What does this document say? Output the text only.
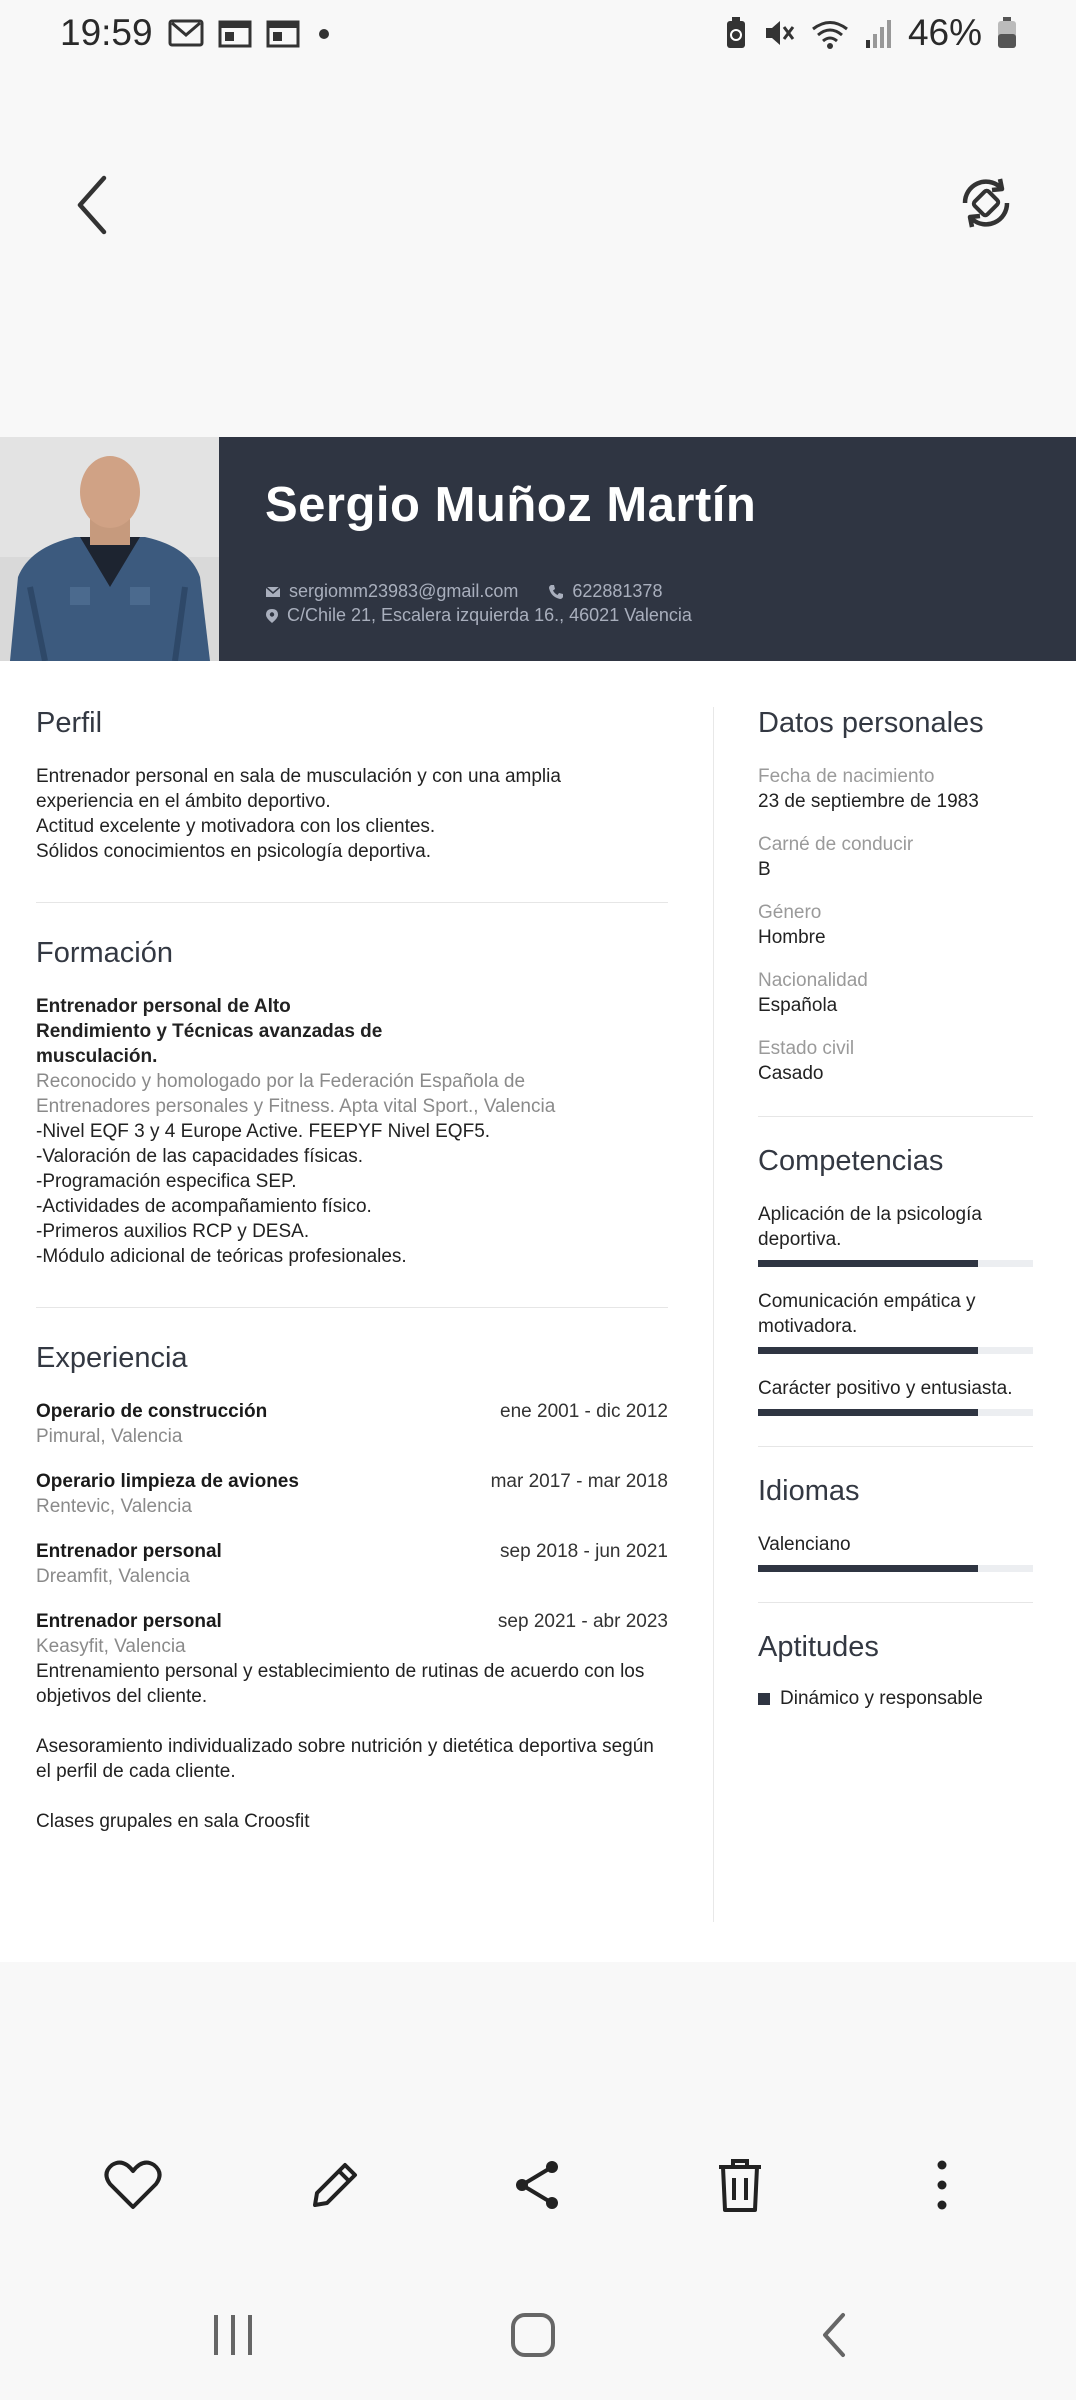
19:59	46%
Sergio Muñoz Martín
sergiomm23983@gmail.com	622881378
C/Chile 21, Escalera izquierda 16., 46021 Valencia
Perfil
Entrenador personal en sala de musculación y con una amplia
experiencia en el ámbito deportivo.
Actitud excelente y motivadora con los clientes.
Sólidos conocimientos en psicología deportiva.
Formación
Entrenador personal de Alto
Rendimiento y Técnicas avanzadas de
musculación.
Reconocido y homologado por la Federación Española de
Entrenadores personales y Fitness. Apta vital Sport., Valencia
-Nivel EQF 3 y 4 Europe Active. FEEPYF Nivel EQF5.
-Valoración de las capacidades físicas.
-Programación especifica SEP.
-Actividades de acompañamiento físico.
-Primeros auxilios RCP y DESA.
-Módulo adicional de teóricas profesionales.
Experiencia
Operario de construcción	ene 2001 - dic 2012
Pimural, Valencia
Operario limpieza de aviones	mar 2017 - mar 2018
Rentevic, Valencia
Entrenador personal	sep 2018 - jun 2021
Dreamfit, Valencia
Entrenador personal	sep 2021 - abr 2023
Keasyfit, Valencia

Entrenamiento personal y establecimiento de rutinas de acuerdo con los objetivos del cliente.

Asesoramiento individualizado sobre nutrición y dietética deportiva según el perfil de cada cliente.

Clases grupales en sala Croosfit

Datos personales
Fecha de nacimiento
23 de septiembre de 1983
Carné de conducir
B
Género
Hombre
Nacionalidad
Española
Estado civil
Casado
Competencias
Aplicación de la psicología deportiva.
Comunicación empática y motivadora.
Carácter positivo y entusiasta.
Idiomas
Valenciano
Aptitudes
Dinámico y responsable
